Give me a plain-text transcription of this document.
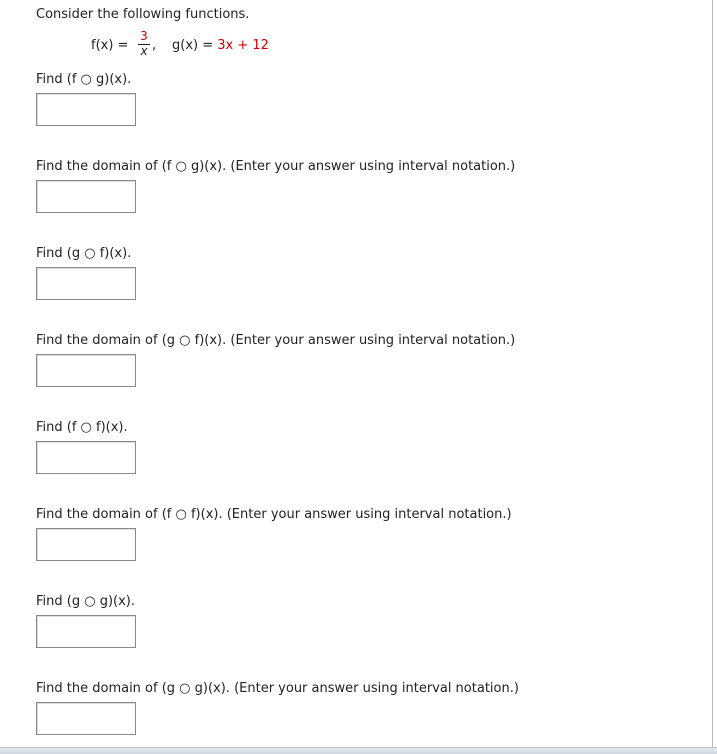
Consider the following functions.
f(x) =
3
x , g(x) = 3x + 12
Find (f ○ g)(x).
Find the domain of (f ○ g)(x). (Enter your answer using interval notation.)
Find (g ○ f)(x).
Find the domain of (g ○ f)(x). (Enter your answer using interval notation.)
Find (f ○ f)(x).
Find the domain of (f ○ f)(x). (Enter your answer using interval notation.)
Find (g ○ g)(x).
Find the domain of (g ○ g)(x). (Enter your answer using interval notation.)
